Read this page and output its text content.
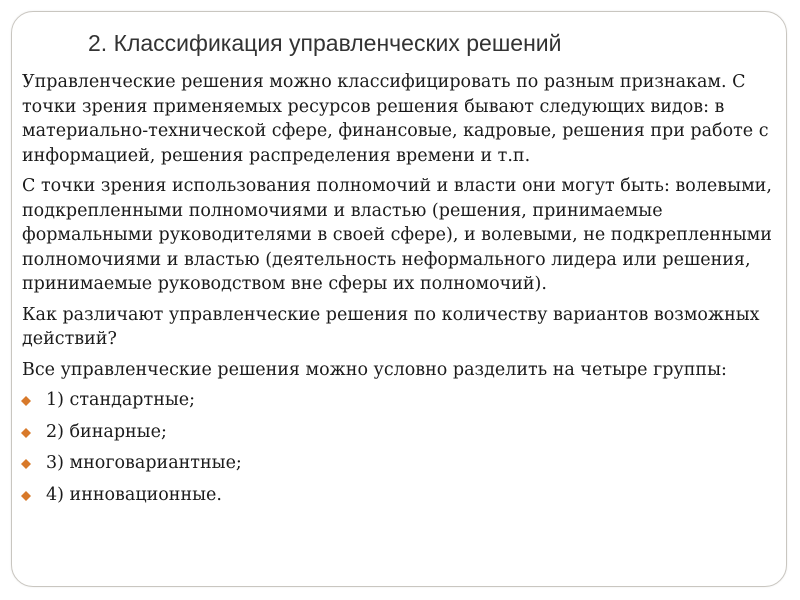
2. Классификация управленческих решений

Управленческие решения можно классифицировать по разным признакам. С точки зрения применяемых ресурсов решения бывают следующих видов: в материально-технической сфере, финансовые, кадровые, решения при работе с информацией, решения распределения времени и т.п.

С точки зрения использования полномочий и власти они могут быть: волевыми, подкрепленными полномочиями и властью (решения, принимаемые формальными руководителями в своей сфере), и волевыми, не подкрепленными полномочиями и властью (деятельность неформального лидера или решения, принимаемые руководством вне сферы их полномочий).

Как различают управленческие решения по количеству вариантов возможных действий?

Все управленческие решения можно условно разделить на четыре группы:

1) стандартные;
2) бинарные;
3) многовариантные;
4) инновационные.
